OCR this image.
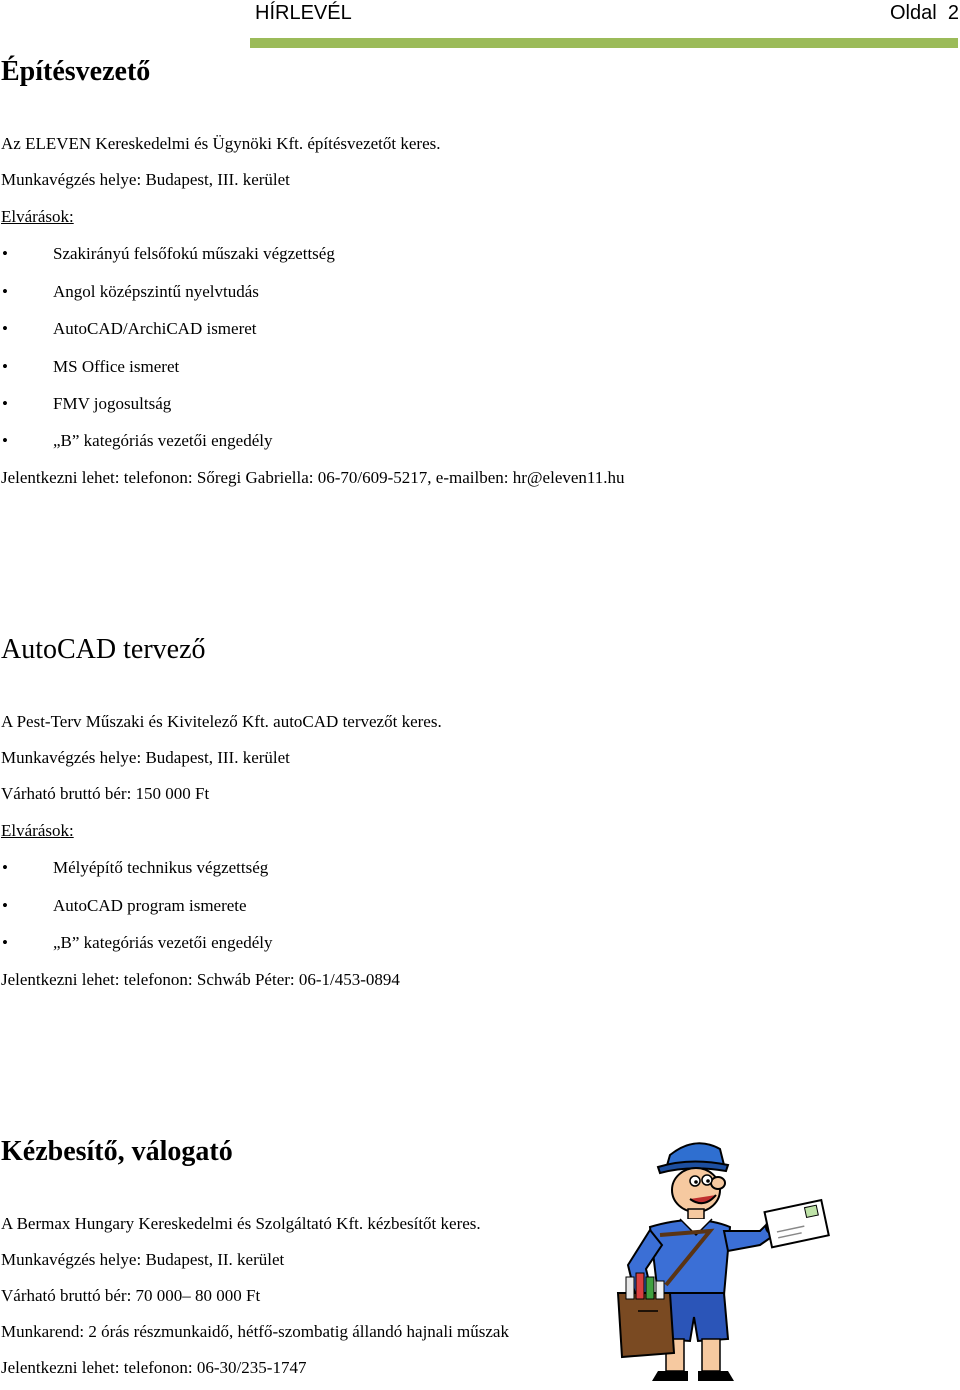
HÍRLEVÉL	Oldal 2
Építésvezető
Az ELEVEN Kereskedelmi és Ügynöki Kft. építésvezetőt keres.
Munkavégzés helye: Budapest, III. kerület
Elvárások:
•	Szakirányú felsőfokú műszaki végzettség
•	Angol középszintű nyelvtudás
•	AutoCAD/ArchiCAD ismeret
•	MS Office ismeret
•	FMV jogosultság
•	„B” kategóriás vezetői engedély
Jelentkezni lehet: telefonon: Sőregi Gabriella: 06-70/609-5217, e-mailben: hr@eleven11.hu
AutoCAD tervező
A Pest-Terv Műszaki és Kivitelező Kft. autoCAD tervezőt keres.
Munkavégzés helye: Budapest, III. kerület
Várható bruttó bér: 150 000 Ft
Elvárások:
•	Mélyépítő technikus végzettség
•	AutoCAD program ismerete
•	„B” kategóriás vezetői engedély
Jelentkezni lehet: telefonon: Schwáb Péter: 06-1/453-0894
Kézbesítő, válogató
A Bermax Hungary Kereskedelmi és Szolgáltató Kft. kézbesítőt keres.
Munkavégzés helye: Budapest, II. kerület
Várható bruttó bér: 70 000– 80 000 Ft
Munkarend: 2 órás részmunkaidő, hétfő-szombatig állandó hajnali műszak
Jelentkezni lehet: telefonon: 06-30/235-1747
